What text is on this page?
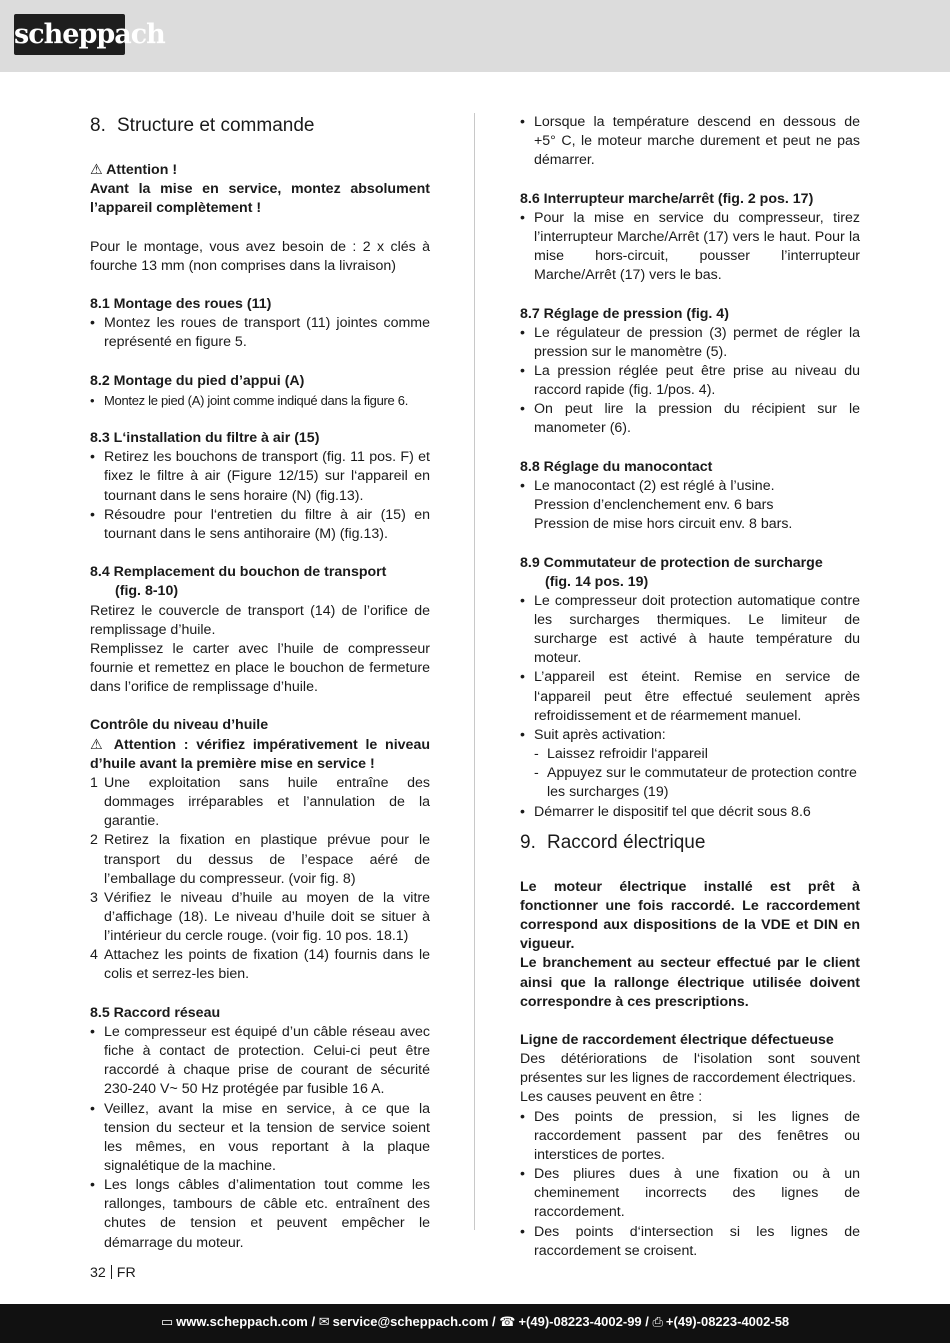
scheppach
8. Structure et commande

⚠ Attention !

Avant la mise en service, montez absolument l’appareil complètement !

Pour le montage, vous avez besoin de : 2 x clés à fourche 13 mm (non comprises dans la livraison)

8.1 Montage des roues (11)

• Montez les roues de transport (11) jointes comme représenté en figure 5.

8.2 Montage du pied d’appui (A)

• Montez le pied (A) joint comme indiqué dans la figure 6.

8.3 L‘installation du filtre à air (15)

• Retirez les bouchons de transport (fig. 11 pos. F) et fixez le filtre à air (Figure 12/15) sur l‘appareil en tournant dans le sens horaire (N) (fig.13).
• Résoudre pour l‘entretien du filtre à air (15) en tournant dans le sens antihoraire (M) (fig.13).

8.4 Remplacement du bouchon de transport

(fig. 8-10)

Retirez le couvercle de transport (14) de l’orifice de remplissage d’huile.

Remplissez le carter avec l’huile de compresseur fournie et remettez en place le bouchon de fermeture dans l’orifice de remplissage d’huile.

Contrôle du niveau d’huile

⚠ Attention : vérifiez impérativement le niveau d’huile avant la première mise en service !

1 Une exploitation sans huile entraîne des dommages irréparables et l’annulation de la garantie.
2 Retirez la fixation en plastique prévue pour le transport du dessus de l’espace aéré de l’emballage du compresseur. (voir fig. 8)
3 Vérifiez le niveau d’huile au moyen de la vitre d’affichage (18). Le niveau d’huile doit se situer à l’intérieur du cercle rouge. (voir fig. 10 pos. 18.1)
4 Attachez les points de fixation (14) fournis dans le colis et serrez-les bien.

8.5 Raccord réseau

• Le compresseur est équipé d’un câble réseau avec fiche à contact de protection. Celui-ci peut être raccordé à chaque prise de courant de sécurité 230-240 V~ 50 Hz protégée par fusible 16 A.
• Veillez, avant la mise en service, à ce que la tension du secteur et la tension de service soient les mêmes, en vous reportant à la plaque signalétique de la machine.
• Les longs câbles d’alimentation tout comme les rallonges, tambours de câble etc. entraînent des chutes de tension et peuvent empêcher le démarrage du moteur.
• Lorsque la température descend en dessous de +5° C, le moteur marche durement et peut ne pas démarrer.

8.6 Interrupteur marche/arrêt (fig. 2 pos. 17)

• Pour la mise en service du compresseur, tirez l’interrupteur Marche/Arrêt (17) vers le haut. Pour la mise hors-circuit, pousser l’interrupteur Marche/Arrêt (17) vers le bas.

8.7 Réglage de pression (fig. 4)

• Le régulateur de pression (3) permet de régler la pression sur le manomètre (5).
• La pression réglée peut être prise au niveau du raccord rapide (fig. 1/pos. 4).
• On peut lire la pression du récipient sur le manometer (6).

8.8 Réglage du manocontact

• Le manocontact (2) est réglé à l’usine.
Pression d’enclenchement env. 6 bars
Pression de mise hors circuit env. 8 bars.

8.9 Commutateur de protection de surcharge

(fig. 14 pos. 19)

• Le compresseur doit protection automatique contre les surcharges thermiques. Le limiteur de surcharge est activé à haute température du moteur.
• L’appareil est éteint. Remise en service de l‘appareil peut être effectué seulement après refroidissement et de réarmement manuel.
• Suit après activation:
- Laissez refroidir l‘appareil
- Appuyez sur le commutateur de protection contre les surcharges (19)
• Démarrer le dispositif tel que décrit sous 8.6
9. Raccord électrique

Le moteur électrique installé est prêt à fonctionner une fois raccordé. Le raccordement correspond aux dispositions de la VDE et DIN en vigueur.

Le branchement au secteur effectué par le client ainsi que la rallonge électrique utilisée doivent correspondre à ces prescriptions.

Ligne de raccordement électrique défectueuse

Des détériorations de l‘isolation sont souvent présentes sur les lignes de raccordement électriques.

Les causes peuvent en être :

• Des points de pression, si les lignes de raccordement passent par des fenêtres ou interstices de portes.
• Des pliures dues à une fixation ou à un cheminement incorrects des lignes de raccordement.
• Des points d‘intersection si les lignes de raccordement se croisent.
32 FR
▭ www.scheppach.com / ✉ service@scheppach.com / ☎ +(49)-08223-4002-99 / ⎙ +(49)-08223-4002-58
